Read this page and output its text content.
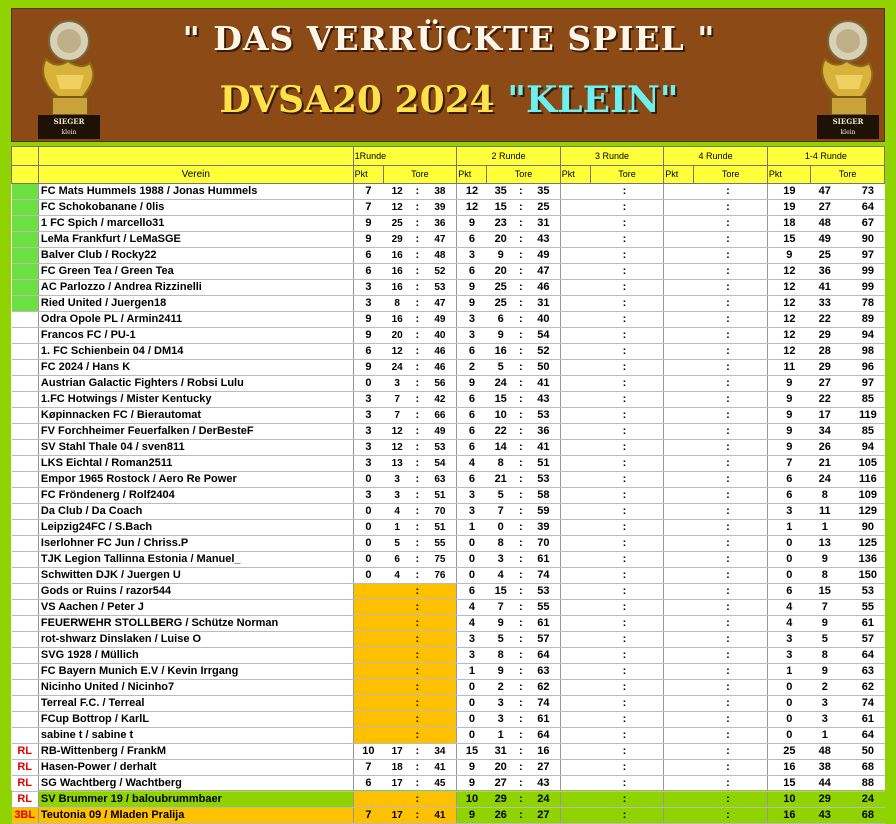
SIEGER
klein
" DAS VERRÜCKTE SPIEL "
DVSA20 2024 "KLEIN"
SIEGER
klein
		1Runde				2 Runde				3 Runde				4 Runde				1-4 Runde			
	Verein	Pkt	Tore			Pkt	Tore			Pkt	Tore			Pkt	Tore			Pkt	Tore		
	FC Mats Hummels 1988 / Jonas Hummels	7	12	:	38	12	35	:	35			:				:		19	47		73
	FC Schokobanane / 0lis	7	12	:	39	12	15	:	25			:				:		19	27		64
	1 FC Spich / marcello31	9	25	:	36	9	23	:	31			:				:		18	48		67
	LeMa Frankfurt / LeMaSGE	9	29	:	47	6	20	:	43			:				:		15	49		90
	Balver Club / Rocky22	6	16	:	48	3	9	:	49			:				:		9	25		97
	FC Green Tea / Green Tea	6	16	:	52	6	20	:	47			:				:		12	36		99
	AC Parlozzo / Andrea Rizzinelli	3	16	:	53	9	25	:	46			:				:		12	41		99
	Ried United / Juergen18	3	8	:	47	9	25	:	31			:				:		12	33		78
	Odra Opole PL / Armin2411	9	16	:	49	3	6	:	40			:				:		12	22		89
	Francos FC / PU-1	9	20	:	40	3	9	:	54			:				:		12	29		94
	1. FC Schienbein 04 / DM14	6	12	:	46	6	16	:	52			:				:		12	28		98
	FC 2024 / Hans K	9	24	:	46	2	5	:	50			:				:		11	29		96
	Austrian Galactic Fighters / Robsi Lulu	0	3	:	56	9	24	:	41			:				:		9	27		97
	1.FC Hotwings / Mister Kentucky	3	7	:	42	6	15	:	43			:				:		9	22		85
	Køpinnacken FC / Bierautomat	3	7	:	66	6	10	:	53			:				:		9	17		119
	FV Forchheimer Feuerfalken / DerBesteF	3	12	:	49	6	22	:	36			:				:		9	34		85
	SV Stahl Thale 04 / sven811	3	12	:	53	6	14	:	41			:				:		9	26		94
	LKS Eichtal / Roman2511	3	13	:	54	4	8	:	51			:				:		7	21		105
	Empor 1965 Rostock / Aero Re Power	0	3	:	63	6	21	:	53			:				:		6	24		116
	FC Fröndenerg / Rolf2404	3	3	:	51	3	5	:	58			:				:		6	8		109
	Da Club / Da Coach	0	4	:	70	3	7	:	59			:				:		3	11		129
	Leipzig24FC / S.Bach	0	1	:	51	1	0	:	39			:				:		1	1		90
	Iserlohner FC Jun / Chriss.P	0	5	:	55	0	8	:	70			:				:		0	13		125
	TJK Legion Tallinna Estonia / Manuel_	0	6	:	75	0	3	:	61			:				:		0	9		136
	Schwitten DJK / Juergen U	0	4	:	76	0	4	:	74			:				:		0	8		150
	Gods or Ruins / razor544			:		6	15	:	53			:				:		6	15		53
	VS Aachen / Peter J			:		4	7	:	55			:				:		4	7		55
	FEUERWEHR STOLLBERG / Schütze Norman			:		4	9	:	61			:				:		4	9		61
	rot-shwarz Dinslaken / Luise O			:		3	5	:	57			:				:		3	5		57
	SVG 1928 / Müllich			:		3	8	:	64			:				:		3	8		64
	FC Bayern Munich E.V / Kevin Irrgang			:		1	9	:	63			:				:		1	9		63
	Nicinho United / Nicinho7			:		0	2	:	62			:				:		0	2		62
	Terreal F.C. / Terreal			:		0	3	:	74			:				:		0	3		74
	FCup Bottrop / KarlL			:		0	3	:	61			:				:		0	3		61
	sabine t / sabine t			:		0	1	:	64			:				:		0	1		64
RL	RB-Wittenberg / FrankM	10	17	:	34	15	31	:	16			:				:		25	48		50
RL	Hasen-Power / derhalt	7	18	:	41	9	20	:	27			:				:		16	38		68
RL	SG Wachtberg / Wachtberg	6	17	:	45	9	27	:	43			:				:		15	44		88
RL	SV Brummer 19 / baloubrummbaer			:		10	29	:	24			:				:		10	29		24
3BL	Teutonia 09 / Mladen Pralija	7	17	:	41	9	26	:	27			:				:		16	43		68
